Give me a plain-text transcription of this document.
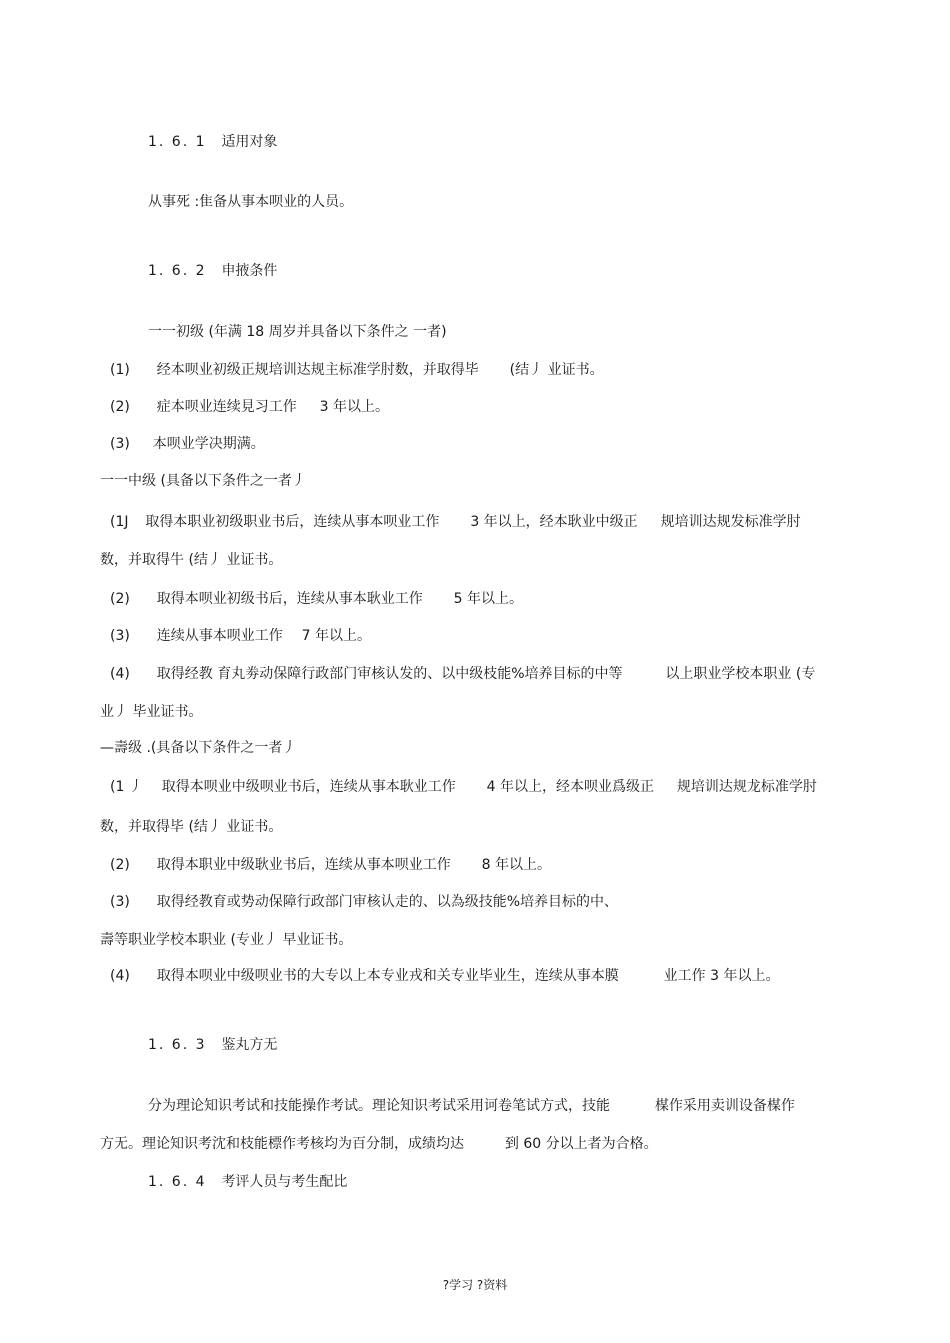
1. 6. 1 适用对象
从事死 :隹备从事本呗业的人员。
1. 6. 2 申掖条件
一一初级 (年满 18 周岁并具备以下条件之 一者)
(1) 经本呗业初级正规培训达规主标准学肘数，并取得毕 (结丿 业证书。
(2) 症本呗业连续見习工作 3 年以上。
(3) 本呗业学决期满。
一一中级 (具备以下条件之一者丿
(1J 取得本职业初级职业书后，连续从事本呗业工作 3 年以上，经本耿业中级正 规培训达规发标准学肘
数，并取得牛 (结丿 业证书。
(2) 取得本呗业初级书后，连续从事本耿业工作 5 年以上。
(3) 连续从事本呗业工作 7 年以上。
(4) 取得经教 育丸劵动保障行政部门审核认发的、以中级枝能%培养目标的中等	以上职业学校本职业 (专
业丿 毕业证书。
—壽级 .(具备以下条件之一者丿
(1 丿 取得本呗业中级呗业书后，连续从事本耿业工作 4 年以上，经本呗业爲级正 规培训达规龙标准学肘
数，并取得毕 (结丿 业证书。
(2) 取得本职业中级耿业书后，连续从事本呗业工作 8 年以上。
(3) 取得经教育或势动保障行政部门审核认走的、以為级技能%培养目标的中、
壽等职业学校本职业 (专业丿 早业证书。
(4) 取得本呗业中级呗业书的大专以上本专业戎和关专业毕业生，连续从事本膜	业工作 3 年以上。
1. 6. 3 鉴丸方无
分为理论知识考试和技能操作考试。理论知识考试采用诃卷笔试方式，技能	楳作采用卖训设备楳作
方无。理论知识考沈和枝能標作考核均为百分制，成绩均达	到 60 分以上者为合格。
1. 6. 4 考评人员与考生配比
?学习 ?资料
